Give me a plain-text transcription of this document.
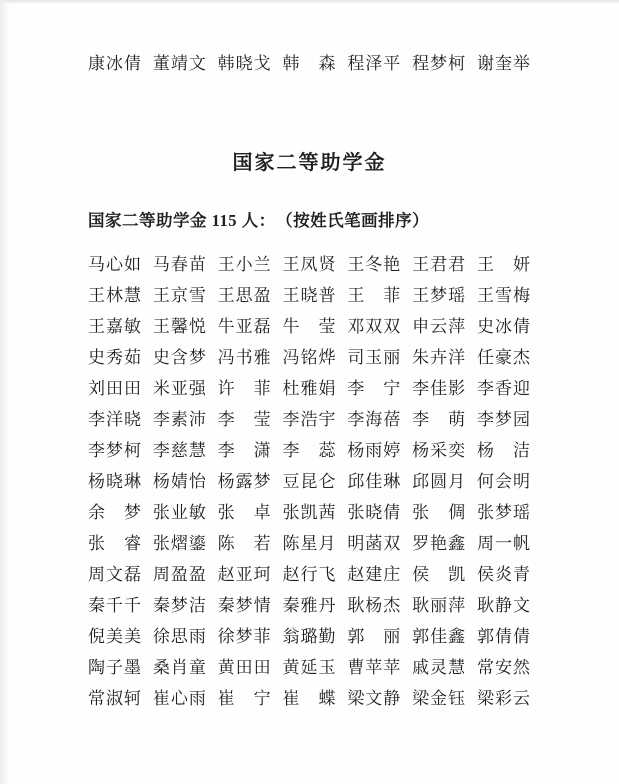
康冰倩 董靖文 韩晓戈 韩　森 程泽平 程梦柯 谢奎举
国家二等助学金

国家二等助学金 115 人：　（按姓氏笔画排序）

马心如 马春苗 王小兰 王凤贤 王冬艳 王君君 王　妍
王林慧 王京雪 王思盈 王晓普 王　菲 王梦瑶 王雪梅
王嘉敏 王馨悦 牛亚磊 牛　莹 邓双双 申云萍 史冰倩
史秀茹 史含梦 冯书雅 冯铭烨 司玉丽 朱卉洋 任豪杰
刘田田 米亚强 许　菲 杜雅娟 李　宁 李佳影 李香迎
李洋晓 李素沛 李　莹 李浩宇 李海蓓 李　萌 李梦园
李梦柯 李慈慧 李　潇 李　蕊 杨雨婷 杨采奕 杨　洁
杨晓琳 杨婧怡 杨露梦 豆昆仑 邱佳琳 邱圆月 何会明
余　梦 张业敏 张　卓 张凯茜 张晓倩 张　倜 张梦瑶
张　睿 张熠鎏 陈　若 陈星月 明菡双 罗艳鑫 周一帆
周文磊 周盈盈 赵亚珂 赵行飞 赵建庄 侯　凯 侯炎青
秦千千 秦梦洁 秦梦情 秦雅丹 耿杨杰 耿丽萍 耿静文
倪美美 徐思雨 徐梦菲 翁璐勤 郭　丽 郭佳鑫 郭倩倩
陶子墨 桑肖童 黄田田 黄延玉 曹苹苹 戚灵慧 常安然
常淑轲 崔心雨 崔　宁 崔　蝶 梁文静 梁金钰 梁彩云
